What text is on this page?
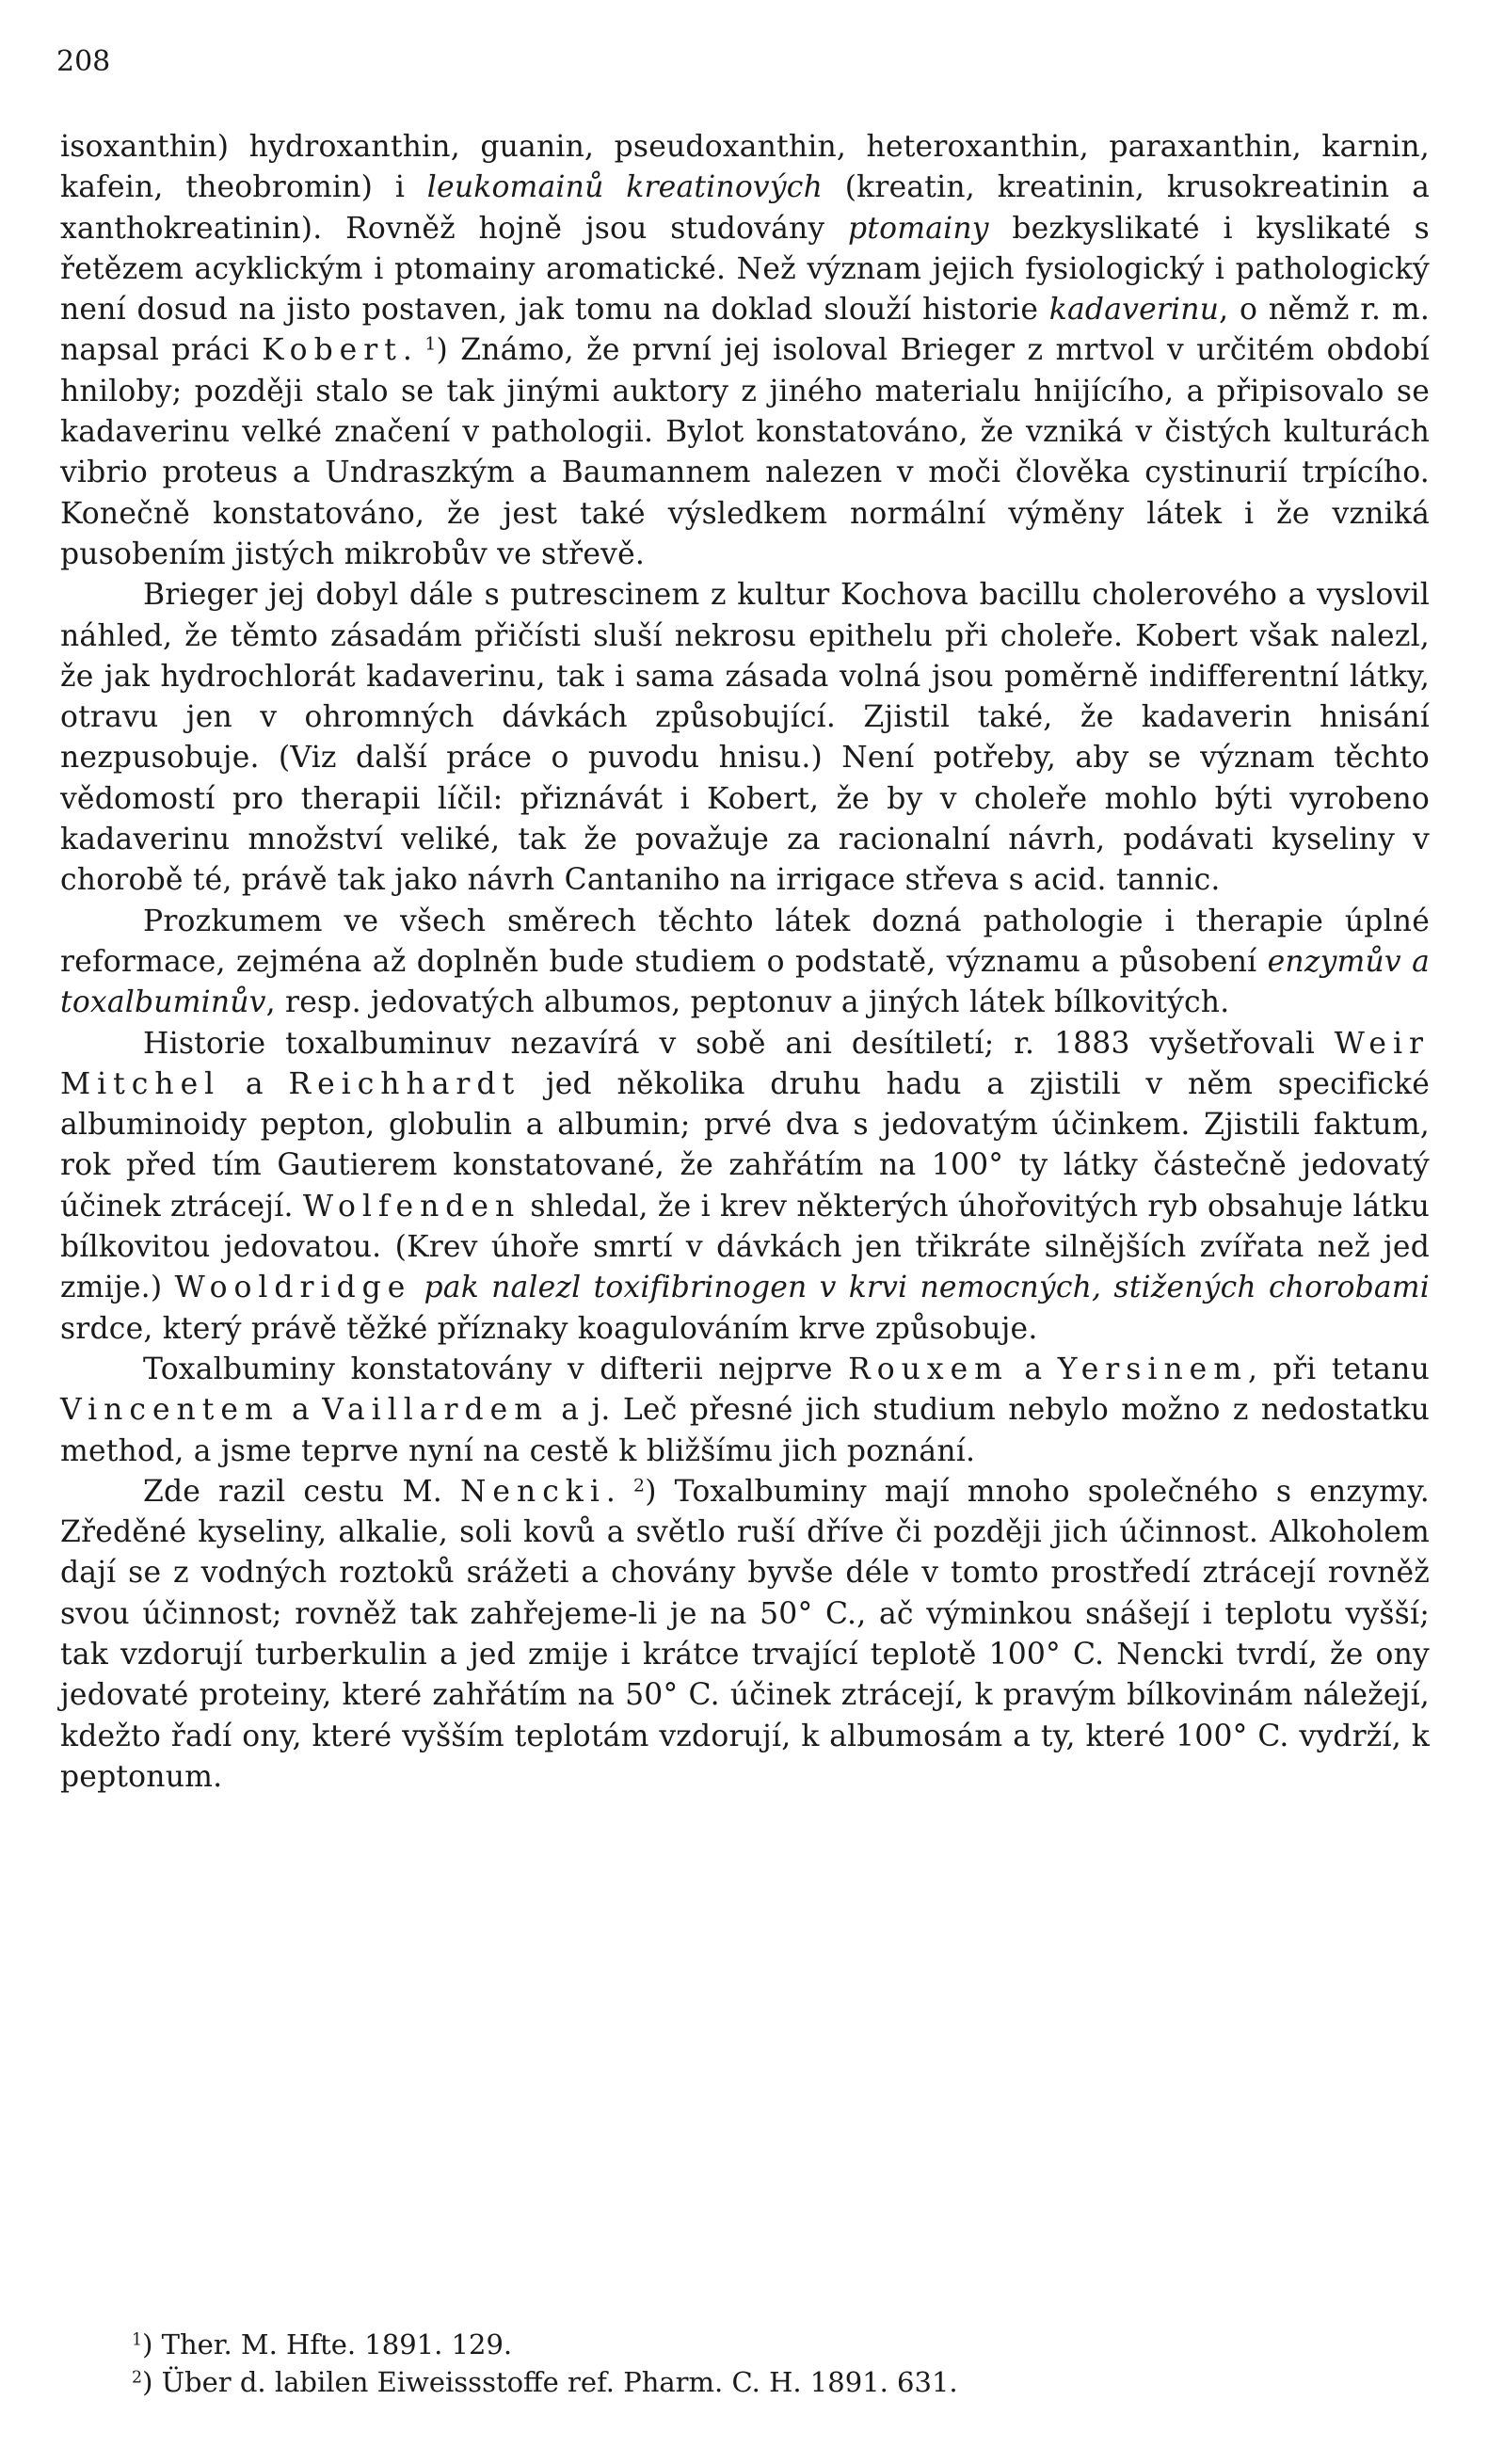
208

isoxanthin) hydroxanthin, guanin, pseudoxanthin, heteroxanthin, paraxanthin, karnin, kafein, theobromin) i leukomainů kreatinových (kreatin, kreatinin, krusokreatinin a xanthokreatinin). Rovněž hojně jsou studovány ptomainy bezkyslikaté i kyslikaté s řetězem acyklickým i ptomainy aromatické. Než význam jejich fysiologický i pathologický není dosud na jisto postaven, jak tomu na doklad slouží historie kadaverinu, o němž r. m. napsal práci Kobert. $^1$) Známo, že první jej isoloval Brieger z mrtvol v určitém období hniloby; později stalo se tak jinými auktory z jiného materialu hnijícího, a připisovalo se kadaverinu velké značení v pathologii. Bylot konstatováno, že vzniká v čistých kulturách vibrio proteus a Undraszkým a Baumannem nalezen v moči člověka cystinurií trpícího. Konečně konstatováno, že jest také výsledkem normální výměny látek i že vzniká pusobením jistých mikrobův ve střevě.

Brieger jej dobyl dále s putrescinem z kultur Kochova bacillu cholerového a vyslovil náhled, že těmto zásadám přičísti sluší nekrosu epithelu při choleře. Kobert však nalezl, že jak hydrochlorát kadaverinu, tak i sama zásada volná jsou poměrně indifferentní látky, otravu jen v ohromných dávkách způsobující. Zjistil také, že kadaverin hnisání nezpusobuje. (Viz další práce o puvodu hnisu.) Není potřeby, aby se význam těchto vědomostí pro therapii líčil: přiznávát i Kobert, že by v choleře mohlo býti vyrobeno kadaverinu množství veliké, tak že považuje za racionalní návrh, podávati kyseliny v chorobě té, právě tak jako návrh Cantaniho na irrigace střeva s acid. tannic.

Prozkumem ve všech směrech těchto látek dozná pathologie i therapie úplné reformace, zejména až doplněn bude studiem o podstatě, významu a působení enzymův a toxalbuminův, resp. jedovatých albumos, peptonuv a jiných látek bílkovitých.

Historie toxalbuminuv nezavírá v sobě ani desítiletí; r. 1883 vyšetřovali Weir Mitchel a Reichhardt jed několika druhu hadu a zjistili v něm specifické albuminoidy pepton, globulin a albumin; prvé dva s jedovatým účinkem. Zjistili faktum, rok před tím Gautierem konstatované, že zahřátím na 100° ty látky částečně jedovatý účinek ztrácejí. Wolfenden shledal, že i krev některých úhořovitých ryb obsahuje látku bílkovitou jedovatou. (Krev úhoře smrtí v dávkách jen třikráte silnějších zvířata než jed zmije.) Wooldridge pak nalezl toxifibrinogen v krvi nemocných, stižených chorobami srdce, který právě těžké příznaky koagulováním krve způsobuje.

Toxalbuminy konstatovány v difterii nejprve Rouxem a Yersinem, při tetanu Vincentem a Vaillardem a j. Leč přesné jich studium nebylo možno z nedostatku method, a jsme teprve nyní na cestě k bližšímu jich poznání.

Zde razil cestu M. Nencki. $^2$) Toxalbuminy mají mnoho společného s enzymy. Zředěné kyseliny, alkalie, soli kovů a světlo ruší dříve či později jich účinnost. Alkoholem dají se z vodných roztoků srážeti a chovány byvše déle v tomto prostředí ztrácejí rovněž svou účinnost; rovněž tak zahřejeme-li je na 50° C., ač výminkou snášejí i teplotu vyšší; tak vzdorují turberkulin a jed zmije i krátce trvající teplotě 100° C. Nencki tvrdí, že ony jedovaté proteiny, které zahřátím na 50° C. účinek ztrácejí, k pravým bílkovinám náležejí, kdežto řadí ony, které vyšším teplotám vzdorují, k albumosám a ty, které 100° C. vydrží, k peptonum.

$^1$) Ther. M. Hfte. 1891. 129.

$^2$) Über d. labilen Eiweissstoffe ref. Pharm. C. H. 1891. 631.
